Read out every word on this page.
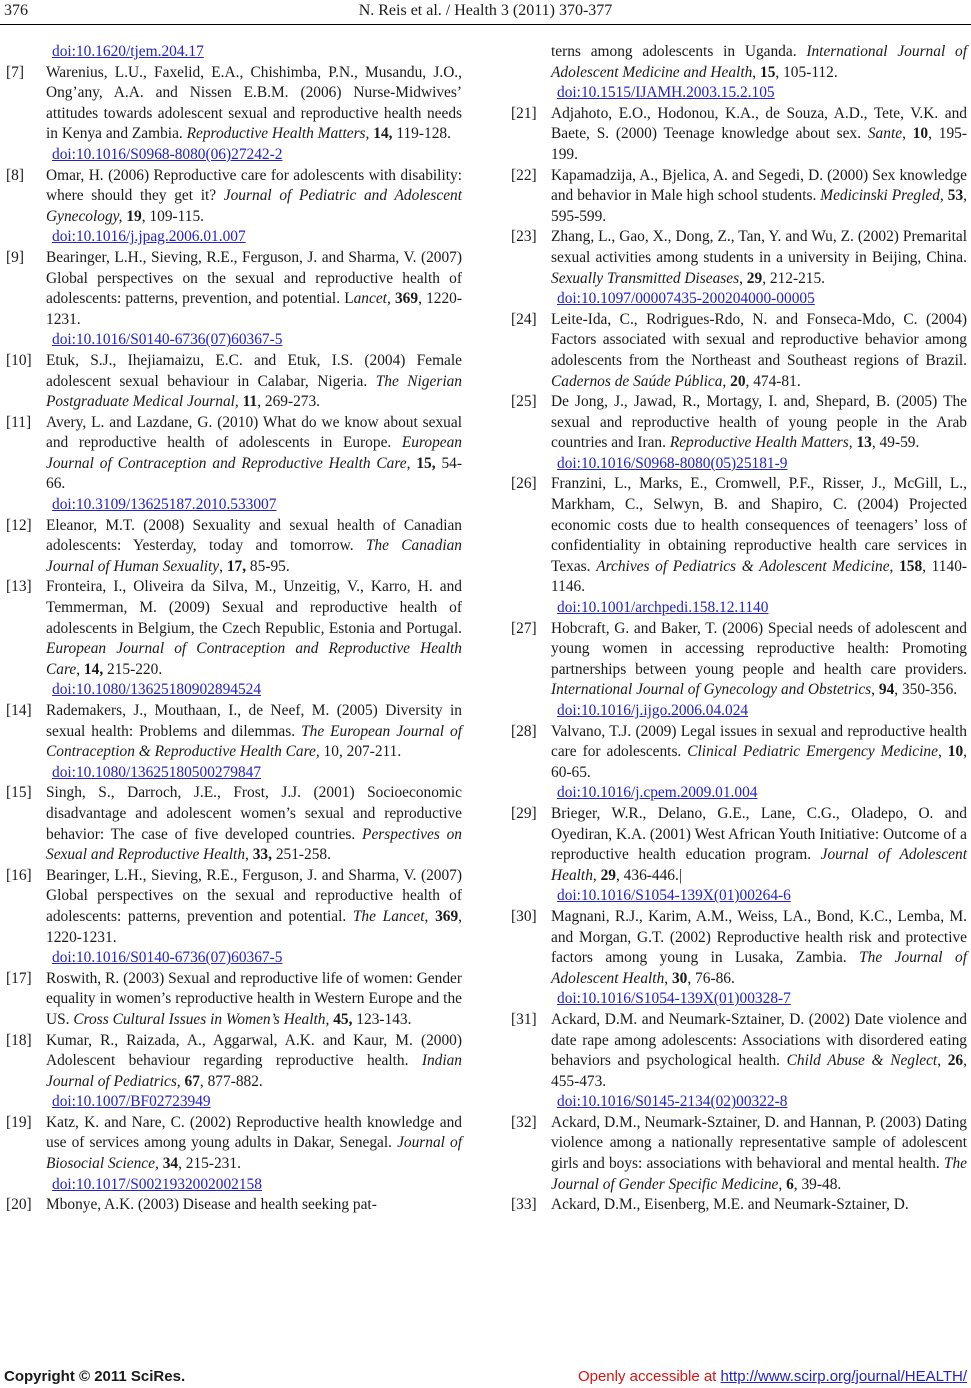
376	N. Reis et al. / Health 3 (2011) 370-377
doi:10.1620/tjem.204.17
[7]	Warenius, L.U., Faxelid, E.A., Chishimba, P.N., Musandu, J.O., Ong’any, A.A. and Nissen E.B.M. (2006) Nurse-Midwives’ attitudes towards adolescent sexual and reproductive health needs in Kenya and Zambia. Reproductive Health Matters, 14, 119-128.
doi:10.1016/S0968-8080(06)27242-2
[8]	Omar, H. (2006) Reproductive care for adolescents with disability: where should they get it? Journal of Pediatric and Adolescent Gynecology, 19, 109-115.
doi:10.1016/j.jpag.2006.01.007
[9]	Bearinger, L.H., Sieving, R.E., Ferguson, J. and Sharma, V. (2007) Global perspectives on the sexual and reproductive health of adolescents: patterns, prevention, and potential. Lancet, 369, 1220-1231.
doi:10.1016/S0140-6736(07)60367-5
[10] Etuk, S.J., Ihejiamaizu, E.C. and Etuk, I.S. (2004) Female adolescent sexual behaviour in Calabar, Nigeria. The Nigerian Postgraduate Medical Journal, 11, 269-273.
[11] Avery, L. and Lazdane, G. (2010) What do we know about sexual and reproductive health of adolescents in Europe. European Journal of Contraception and Reproductive Health Care, 15, 54-66.
doi:10.3109/13625187.2010.533007
[12] Eleanor, M.T. (2008) Sexuality and sexual health of Canadian adolescents: Yesterday, today and tomorrow. The Canadian Journal of Human Sexuality, 17, 85-95.
[13] Fronteira, I., Oliveira da Silva, M., Unzeitig, V., Karro, H. and Temmerman, M. (2009) Sexual and reproductive health of adolescents in Belgium, the Czech Republic, Estonia and Portugal. European Journal of Contraception and Reproductive Health Care, 14, 215-220.
doi:10.1080/13625180902894524
[14] Rademakers, J., Mouthaan, I., de Neef, M. (2005) Diversity in sexual health: Problems and dilemmas. The European Journal of Contraception & Reproductive Health Care, 10, 207-211.
doi:10.1080/13625180500279847
[15] Singh, S., Darroch, J.E., Frost, J.J. (2001) Socioeconomic disadvantage and adolescent women’s sexual and reproductive behavior: The case of five developed countries. Perspectives on Sexual and Reproductive Health, 33, 251-258.
[16] Bearinger, L.H., Sieving, R.E., Ferguson, J. and Sharma, V. (2007) Global perspectives on the sexual and reproductive health of adolescents: patterns, prevention and potential. The Lancet, 369, 1220-1231.
doi:10.1016/S0140-6736(07)60367-5
[17] Roswith, R. (2003) Sexual and reproductive life of women: Gender equality in women’s reproductive health in Western Europe and the US. Cross Cultural Issues in Women’s Health, 45, 123-143.
[18] Kumar, R., Raizada, A., Aggarwal, A.K. and Kaur, M. (2000) Adolescent behaviour regarding reproductive health. Indian Journal of Pediatrics, 67, 877-882.
doi:10.1007/BF02723949
[19] Katz, K. and Nare, C. (2002) Reproductive health knowledge and use of services among young adults in Dakar, Senegal. Journal of Biosocial Science, 34, 215-231.
doi:10.1017/S0021932002002158
[20] Mbonye, A.K. (2003) Disease and health seeking pat-
terns among adolescents in Uganda. International Journal of Adolescent Medicine and Health, 15, 105-112.
doi:10.1515/IJAMH.2003.15.2.105
[21] Adjahoto, E.O., Hodonou, K.A., de Souza, A.D., Tete, V.K. and Baete, S. (2000) Teenage knowledge about sex. Sante, 10, 195-199.
[22] Kapamadzija, A., Bjelica, A. and Segedi, D. (2000) Sex knowledge and behavior in Male high school students. Medicinski Pregled, 53, 595-599.
[23] Zhang, L., Gao, X., Dong, Z., Tan, Y. and Wu, Z. (2002) Premarital sexual activities among students in a university in Beijing, China. Sexually Transmitted Diseases, 29, 212-215.
doi:10.1097/00007435-200204000-00005
[24] Leite-Ida, C., Rodrigues-Rdo, N. and Fonseca-Mdo, C. (2004) Factors associated with sexual and reproductive behavior among adolescents from the Northeast and Southeast regions of Brazil. Cadernos de Saúde Pública, 20, 474-81.
[25] De Jong, J., Jawad, R., Mortagy, I. and, Shepard, B. (2005) The sexual and reproductive health of young people in the Arab countries and Iran. Reproductive Health Matters, 13, 49-59.
doi:10.1016/S0968-8080(05)25181-9
[26] Franzini, L., Marks, E., Cromwell, P.F., Risser, J., McGill, L., Markham, C., Selwyn, B. and Shapiro, C. (2004) Projected economic costs due to health consequences of teenagers’ loss of confidentiality in obtaining reproductive health care services in Texas. Archives of Pediatrics & Adolescent Medicine, 158, 1140-1146.
doi:10.1001/archpedi.158.12.1140
[27] Hobcraft, G. and Baker, T. (2006) Special needs of adolescent and young women in accessing reproductive health: Promoting partnerships between young people and health care providers. International Journal of Gynecology and Obstetrics, 94, 350-356.
doi:10.1016/j.ijgo.2006.04.024
[28] Valvano, T.J. (2009) Legal issues in sexual and reproductive health care for adolescents. Clinical Pediatric Emergency Medicine, 10, 60-65.
doi:10.1016/j.cpem.2009.01.004
[29] Brieger, W.R., Delano, G.E., Lane, C.G., Oladepo, O. and Oyediran, K.A. (2001) West African Youth Initiative: Outcome of a reproductive health education program. Journal of Adolescent Health, 29, 436-446.|
doi:10.1016/S1054-139X(01)00264-6
[30] Magnani, R.J., Karim, A.M., Weiss, LA., Bond, K.C., Lemba, M. and Morgan, G.T. (2002) Reproductive health risk and protective factors among young in Lusaka, Zambia. The Journal of Adolescent Health, 30, 76-86.
doi:10.1016/S1054-139X(01)00328-7
[31] Ackard, D.M. and Neumark-Sztainer, D. (2002) Date violence and date rape among adolescents: Associations with disordered eating behaviors and psychological health. Child Abuse & Neglect, 26, 455-473.
doi:10.1016/S0145-2134(02)00322-8
[32] Ackard, D.M., Neumark-Sztainer, D. and Hannan, P. (2003) Dating violence among a nationally representative sample of adolescent girls and boys: associations with behavioral and mental health. The Journal of Gender Specific Medicine, 6, 39-48.
[33] Ackard, D.M., Eisenberg, M.E. and Neumark-Sztainer, D.
Copyright © 2011 SciRes.	Openly accessible at http://www.scirp.org/journal/HEALTH/
